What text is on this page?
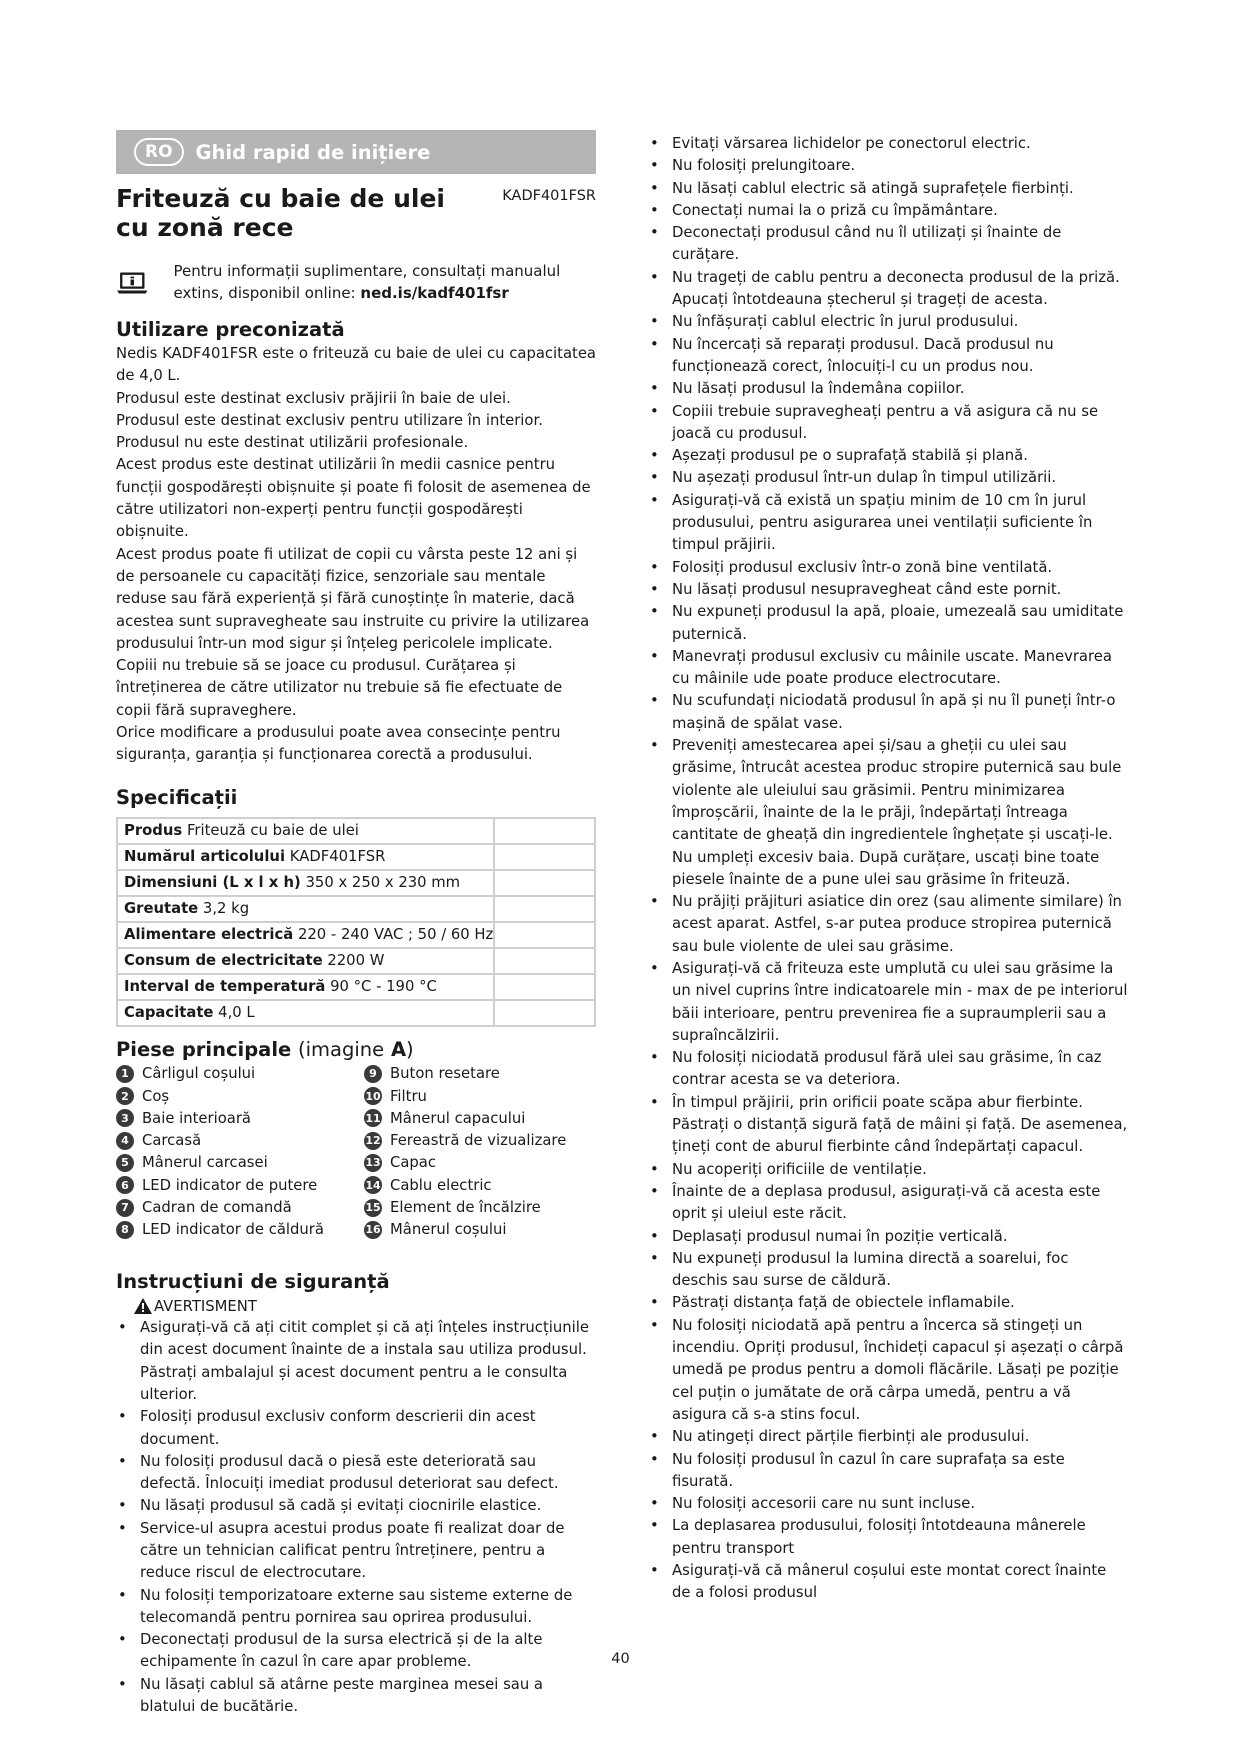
RO	Ghid rapid de inițiere
Friteuză cu baie de ulei cu zonă rece
KADF401FSR
Pentru informații suplimentare, consultați manualul extins, disponibil online: ned.is/kadf401fsr
Utilizare preconizată

Nedis KADF401FSR este o friteuză cu baie de ulei cu capacitatea de 4,0 L.

Produsul este destinat exclusiv prăjirii în baie de ulei.

Produsul este destinat exclusiv pentru utilizare în interior.

Produsul nu este destinat utilizării profesionale.

Acest produs este destinat utilizării în medii casnice pentru funcții gospodărești obișnuite și poate fi folosit de asemenea de către utilizatori non-experți pentru funcții gospodărești obișnuite.

Acest produs poate fi utilizat de copii cu vârsta peste 12 ani și de persoanele cu capacități fizice, senzoriale sau mentale reduse sau fără experiență și fără cunoștințe în materie, dacă acestea sunt supravegheate sau instruite cu privire la utilizarea produsului într-un mod sigur și înțeleg pericolele implicate. Copiii nu trebuie să se joace cu produsul. Curățarea și întreținerea de către utilizator nu trebuie să fie efectuate de copii fără supraveghere.

Orice modificare a produsului poate avea consecințe pentru siguranța, garanția și funcționarea corectă a produsului.

Specificații
Produs Friteuză cu baie de ulei	
Numărul articolului KADF401FSR	
Dimensiuni (L x l x h) 350 x 250 x 230 mm	
Greutate 3,2 kg	
Alimentare electrică 220 - 240 VAC ; 50 / 60 Hz	
Consum de electricitate 2200 W	
Interval de temperatură 90 °C - 190 °C	
Capacitate 4,0 L	
Piese principale (imagine A)
1 Cârligul coșului	9 Buton resetare
2 Coș	10 Filtru
3 Baie interioară	11 Mânerul capacului
4 Carcasă	12 Fereastră de vizualizare
5 Mânerul carcasei	13 Capac
6 LED indicator de putere	14 Cablu electric
7 Cadran de comandă	15 Element de încălzire
8 LED indicator de căldură	16 Mânerul coșului
Instrucțiuni de siguranță
AVERTISMENT
• Asigurați-vă că ați citit complet și că ați înțeles instrucțiunile din acest document înainte de a instala sau utiliza produsul. Păstrați ambalajul și acest document pentru a le consulta ulterior.
• Folosiți produsul exclusiv conform descrierii din acest document.
• Nu folosiți produsul dacă o piesă este deteriorată sau defectă. Înlocuiți imediat produsul deteriorat sau defect.
• Nu lăsați produsul să cadă și evitați ciocnirile elastice.
• Service-ul asupra acestui produs poate fi realizat doar de către un tehnician calificat pentru întreținere, pentru a reduce riscul de electrocutare.
• Nu folosiți temporizatoare externe sau sisteme externe de telecomandă pentru pornirea sau oprirea produsului.
• Deconectați produsul de la sursa electrică și de la alte echipamente în cazul în care apar probleme.
• Nu lăsați cablul să atârne peste marginea mesei sau a blatului de bucătărie.
• Evitați vărsarea lichidelor pe conectorul electric.
• Nu folosiți prelungitoare.
• Nu lăsați cablul electric să atingă suprafețele fierbinți.
• Conectați numai la o priză cu împământare.
• Deconectați produsul când nu îl utilizați și înainte de curățare.
• Nu trageți de cablu pentru a deconecta produsul de la priză. Apucați întotdeauna ștecherul și trageți de acesta.
• Nu înfășurați cablul electric în jurul produsului.
• Nu încercați să reparați produsul. Dacă produsul nu funcționează corect, înlocuiți-l cu un produs nou.
• Nu lăsați produsul la îndemâna copiilor.
• Copiii trebuie supravegheați pentru a vă asigura că nu se joacă cu produsul.
• Așezați produsul pe o suprafață stabilă și plană.
• Nu așezați produsul într-un dulap în timpul utilizării.
• Asigurați-vă că există un spațiu minim de 10 cm în jurul produsului, pentru asigurarea unei ventilații suficiente în timpul prăjirii.
• Folosiți produsul exclusiv într-o zonă bine ventilată.
• Nu lăsați produsul nesupravegheat când este pornit.
• Nu expuneți produsul la apă, ploaie, umezeală sau umiditate puternică.
• Manevrați produsul exclusiv cu mâinile uscate. Manevrarea cu mâinile ude poate produce electrocutare.
• Nu scufundați niciodată produsul în apă și nu îl puneți într-o mașină de spălat vase.
• Preveniți amestecarea apei și/sau a gheții cu ulei sau grăsime, întrucât acestea produc stropire puternică sau bule violente ale uleiului sau grăsimii. Pentru minimizarea împroșcării, înainte de la le prăji, îndepărtați întreaga cantitate de gheață din ingredientele înghețate și uscați-le. Nu umpleți excesiv baia. După curățare, uscați bine toate piesele înainte de a pune ulei sau grăsime în friteuză.
• Nu prăjiți prăjituri asiatice din orez (sau alimente similare) în acest aparat. Astfel, s-ar putea produce stropirea puternică sau bule violente de ulei sau grăsime.
• Asigurați-vă că friteuza este umplută cu ulei sau grăsime la un nivel cuprins între indicatoarele min - max de pe interiorul băii interioare, pentru prevenirea fie a supraumplerii sau a supraîncălzirii.
• Nu folosiți niciodată produsul fără ulei sau grăsime, în caz contrar acesta se va deteriora.
• În timpul prăjirii, prin orificii poate scăpa abur fierbinte. Păstrați o distanță sigură față de mâini și față. De asemenea, țineți cont de aburul fierbinte când îndepărtați capacul.
• Nu acoperiți orificiile de ventilație.
• Înainte de a deplasa produsul, asigurați-vă că acesta este oprit și uleiul este răcit.
• Deplasați produsul numai în poziție verticală.
• Nu expuneți produsul la lumina directă a soarelui, foc deschis sau surse de căldură.
• Păstrați distanța față de obiectele inflamabile.
• Nu folosiți niciodată apă pentru a încerca să stingeți un incendiu. Opriți produsul, închideți capacul și așezați o cârpă umedă pe produs pentru a domoli flăcările. Lăsați pe poziție cel puțin o jumătate de oră cârpa umedă, pentru a vă asigura că s-a stins focul.
• Nu atingeți direct părțile fierbinți ale produsului.
• Nu folosiți produsul în cazul în care suprafața sa este fisurată.
• Nu folosiți accesorii care nu sunt incluse.
• La deplasarea produsului, folosiți întotdeauna mânerele pentru transport
• Asigurați-vă că mânerul coșului este montat corect înainte de a folosi produsul
40
